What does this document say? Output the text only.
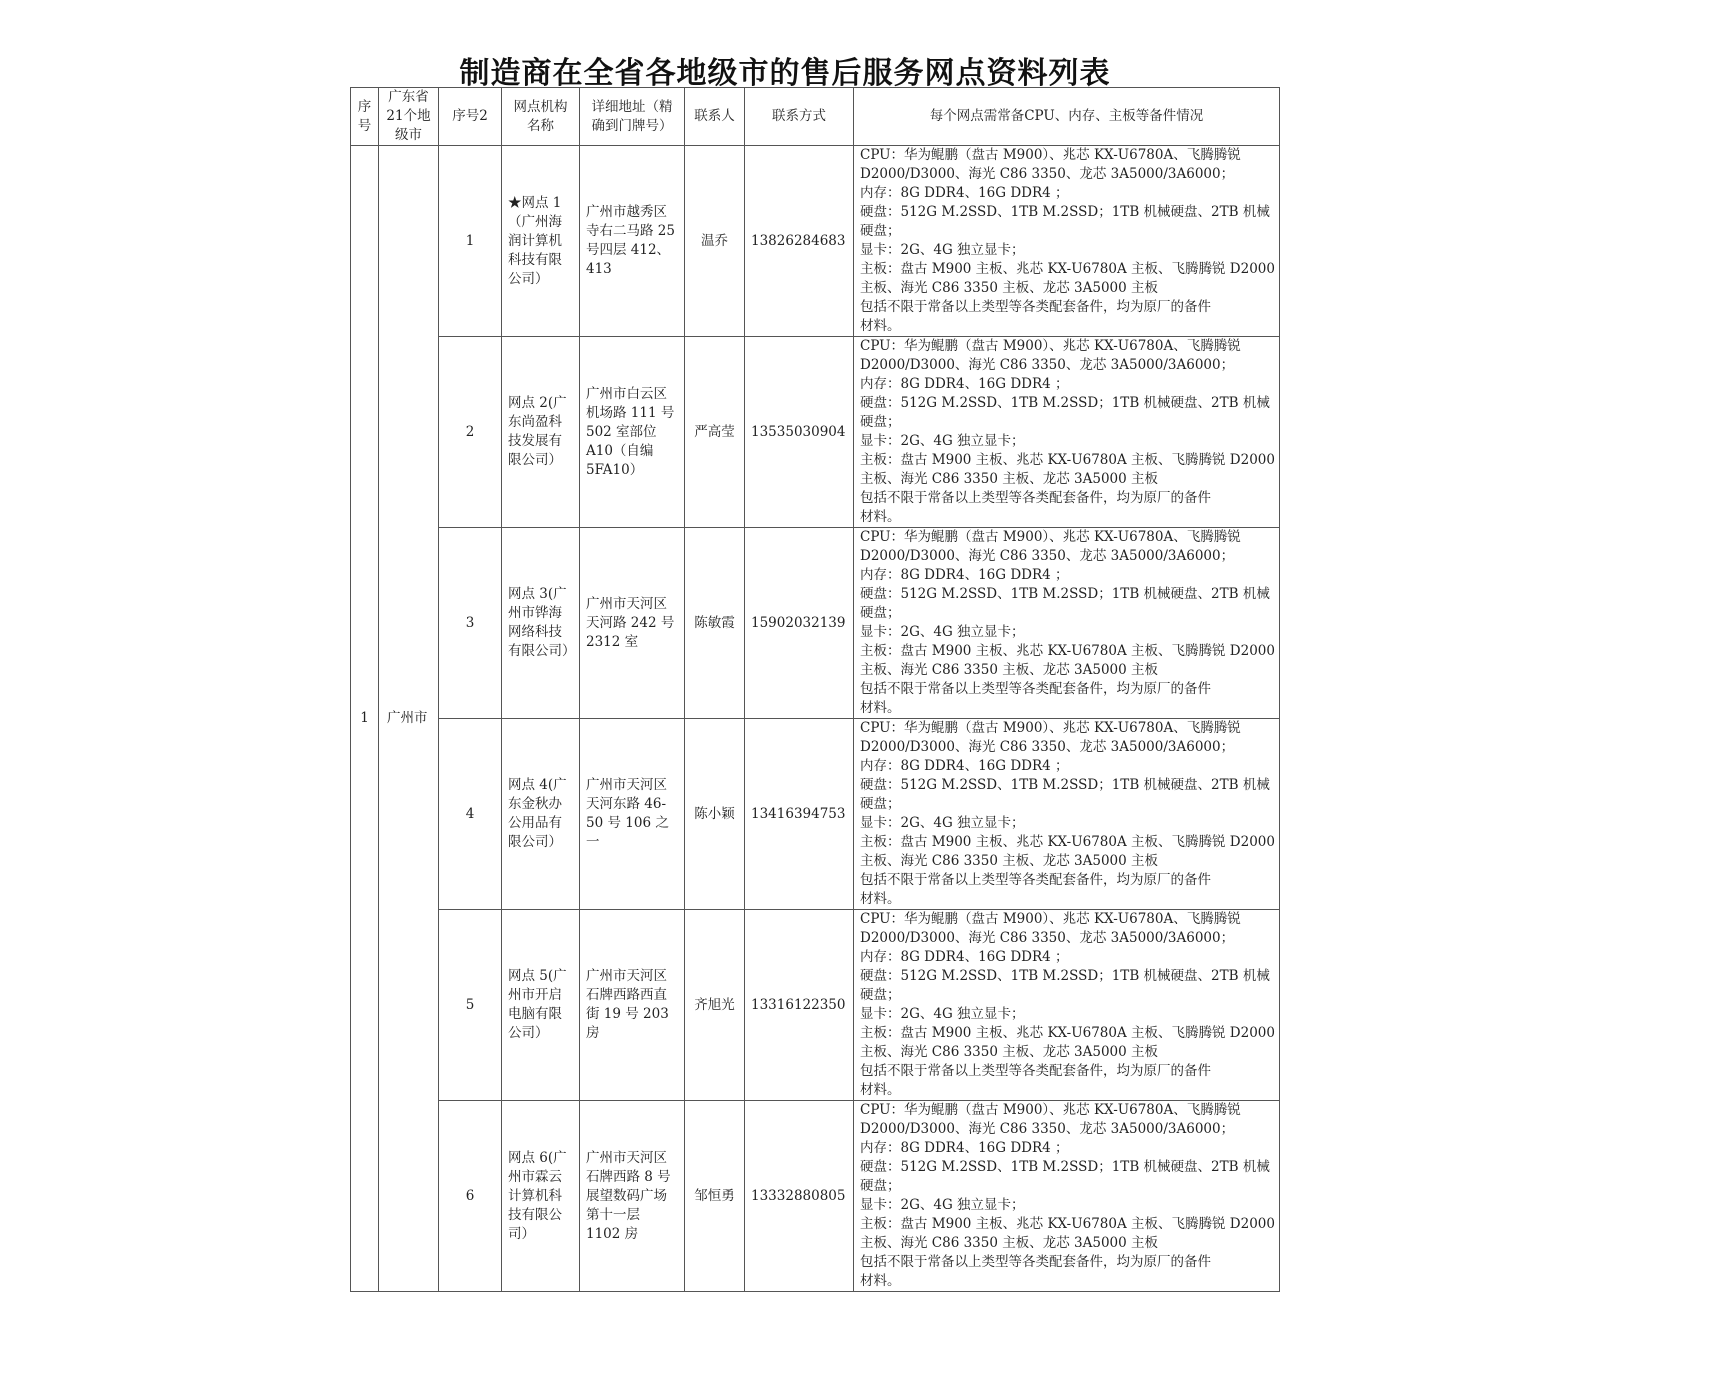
制造商在全省各地级市的售后服务网点资料列表
序号	广东省21个地级市	序号2	网点机构名称	详细地址（精确到门牌号）	联系人	联系方式	每个网点需常备CPU、内存、主板等备件情况
1	广州市	1	★网点 1（广州海润计算机科技有限公司）	广州市越秀区寺右二马路 25 号四层 412、413	温乔	13826284683	
CPU：华为鲲鹏（盘古 M900）、兆芯 KX-U6780A、飞腾腾锐
D2000/D3000、海光 C86 3350、龙芯 3A5000/3A6000；
内存：8G DDR4、16G DDR4 ；
硬盘：512G M.2SSD、1TB M.2SSD；1TB 机械硬盘、2TB 机械
硬盘；
显卡：2G、4G 独立显卡；
主板：盘古 M900 主板、兆芯 KX-U6780A 主板、飞腾腾锐 D2000
主板、海光 C86 3350 主板、龙芯 3A5000 主板
包括不限于常备以上类型等各类配套备件，均为原厂的备件
材料。

2	网点 2(广东尚盈科技发展有限公司）	广州市白云区机场路 111 号 502 室部位 A10（自编 5FA10）	严高莹	13535030904	
CPU：华为鲲鹏（盘古 M900）、兆芯 KX-U6780A、飞腾腾锐
D2000/D3000、海光 C86 3350、龙芯 3A5000/3A6000；
内存：8G DDR4、16G DDR4 ；
硬盘：512G M.2SSD、1TB M.2SSD；1TB 机械硬盘、2TB 机械
硬盘；
显卡：2G、4G 独立显卡；
主板：盘古 M900 主板、兆芯 KX-U6780A 主板、飞腾腾锐 D2000
主板、海光 C86 3350 主板、龙芯 3A5000 主板
包括不限于常备以上类型等各类配套备件，均为原厂的备件
材料。

3	网点 3(广州市铧海网络科技有限公司）	广州市天河区天河路 242 号 2312 室	陈敏霞	15902032139	
CPU：华为鲲鹏（盘古 M900）、兆芯 KX-U6780A、飞腾腾锐
D2000/D3000、海光 C86 3350、龙芯 3A5000/3A6000；
内存：8G DDR4、16G DDR4 ；
硬盘：512G M.2SSD、1TB M.2SSD；1TB 机械硬盘、2TB 机械
硬盘；
显卡：2G、4G 独立显卡；
主板：盘古 M900 主板、兆芯 KX-U6780A 主板、飞腾腾锐 D2000
主板、海光 C86 3350 主板、龙芯 3A5000 主板
包括不限于常备以上类型等各类配套备件，均为原厂的备件
材料。

4	网点 4(广东金秋办公用品有限公司）	广州市天河区天河东路 46-50 号 106 之一	陈小颖	13416394753	
CPU：华为鲲鹏（盘古 M900）、兆芯 KX-U6780A、飞腾腾锐
D2000/D3000、海光 C86 3350、龙芯 3A5000/3A6000；
内存：8G DDR4、16G DDR4 ；
硬盘：512G M.2SSD、1TB M.2SSD；1TB 机械硬盘、2TB 机械
硬盘；
显卡：2G、4G 独立显卡；
主板：盘古 M900 主板、兆芯 KX-U6780A 主板、飞腾腾锐 D2000
主板、海光 C86 3350 主板、龙芯 3A5000 主板
包括不限于常备以上类型等各类配套备件，均为原厂的备件
材料。

5	网点 5(广州市开启电脑有限公司）	广州市天河区石牌西路西直街 19 号 203 房	齐旭光	13316122350	
CPU：华为鲲鹏（盘古 M900）、兆芯 KX-U6780A、飞腾腾锐
D2000/D3000、海光 C86 3350、龙芯 3A5000/3A6000；
内存：8G DDR4、16G DDR4 ；
硬盘：512G M.2SSD、1TB M.2SSD；1TB 机械硬盘、2TB 机械
硬盘；
显卡：2G、4G 独立显卡；
主板：盘古 M900 主板、兆芯 KX-U6780A 主板、飞腾腾锐 D2000
主板、海光 C86 3350 主板、龙芯 3A5000 主板
包括不限于常备以上类型等各类配套备件，均为原厂的备件
材料。

6	网点 6(广州市霖云计算机科技有限公司）	广州市天河区石牌西路 8 号展望数码广场第十一层 1102 房	邹恒勇	13332880805	
CPU：华为鲲鹏（盘古 M900）、兆芯 KX-U6780A、飞腾腾锐
D2000/D3000、海光 C86 3350、龙芯 3A5000/3A6000；
内存：8G DDR4、16G DDR4 ；
硬盘：512G M.2SSD、1TB M.2SSD；1TB 机械硬盘、2TB 机械
硬盘；
显卡：2G、4G 独立显卡；
主板：盘古 M900 主板、兆芯 KX-U6780A 主板、飞腾腾锐 D2000
主板、海光 C86 3350 主板、龙芯 3A5000 主板
包括不限于常备以上类型等各类配套备件，均为原厂的备件
材料。
